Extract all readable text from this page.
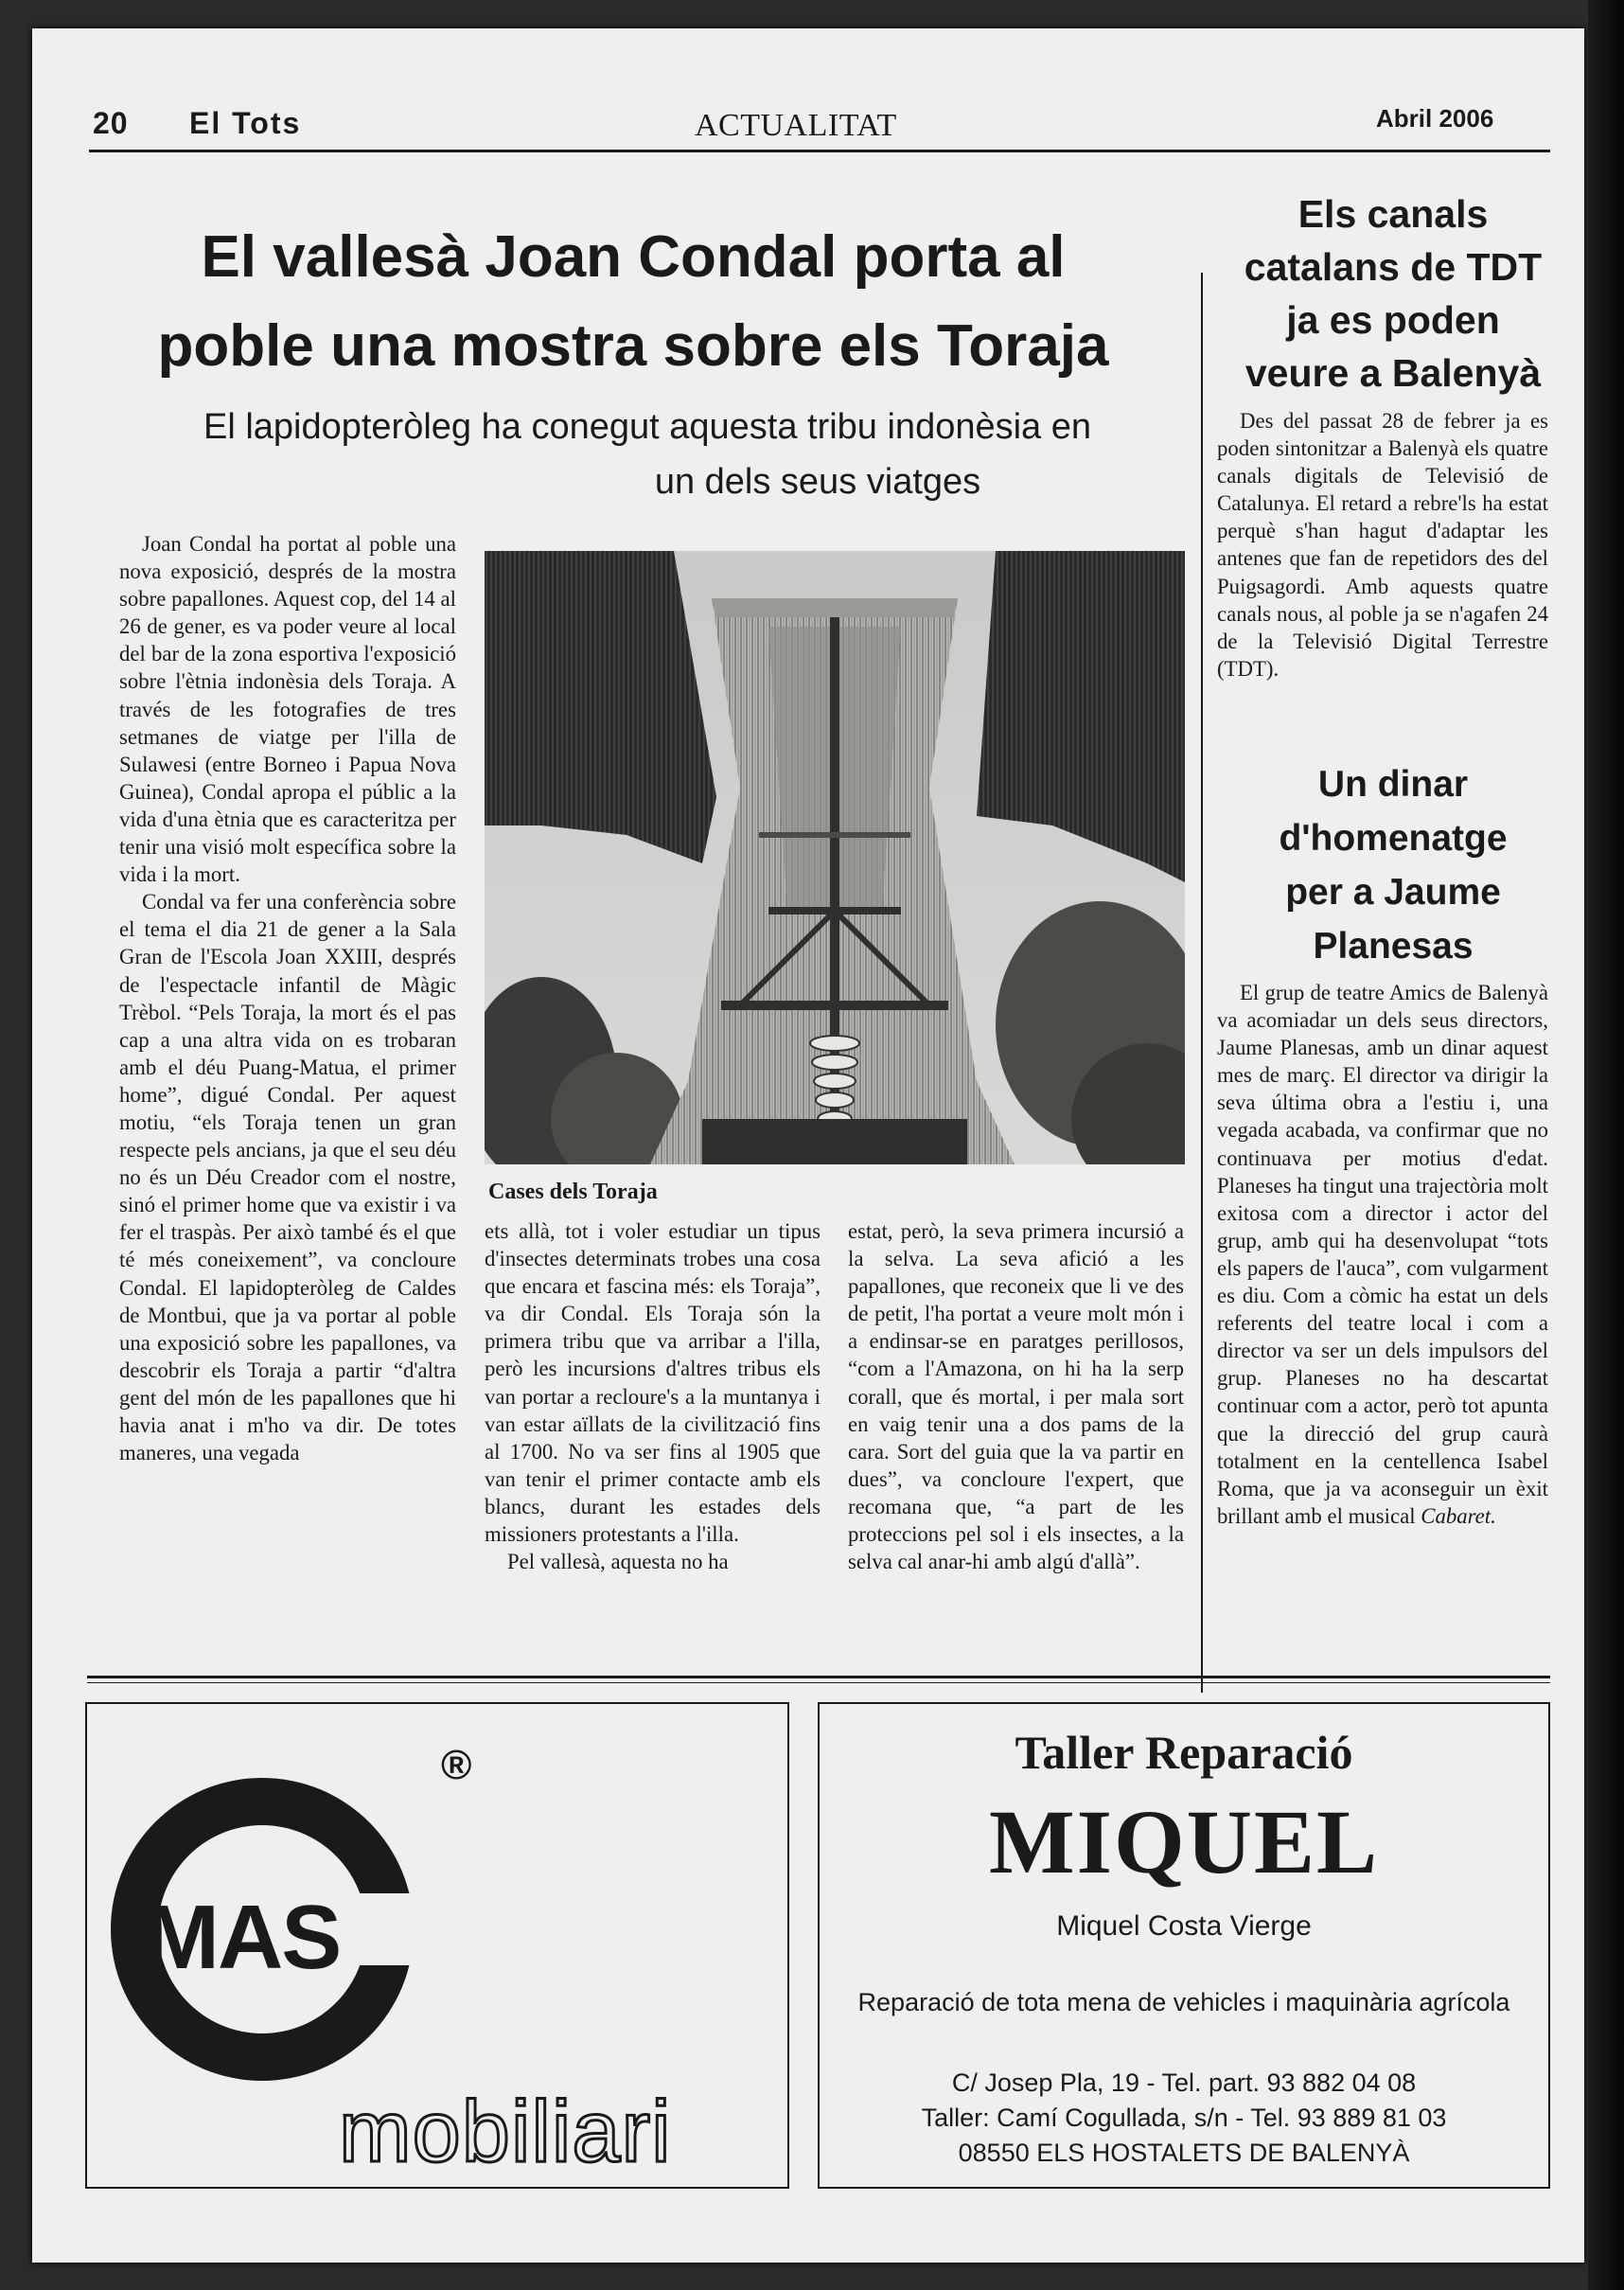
20 El Tots	ACTUALITAT	Abril 2006
El vallesà Joan Condal porta al
poble una mostra sobre els Toraja
El lapidopteròleg ha conegut aquesta tribu indonèsia en
un dels seus viatges

Joan Condal ha portat al poble una nova exposició, després de la mostra sobre papallones. Aquest cop, del 14 al 26 de gener, es va poder veure al local del bar de la zona esportiva l'exposició sobre l'ètnia indonèsia dels Toraja. A través de les fotografies de tres setmanes de viatge per l'illa de Sulawesi (entre Borneo i Papua Nova Guinea), Condal apropa el públic a la vida d'una ètnia que es caracteritza per tenir una visió molt específica sobre la vida i la mort.

Condal va fer una conferència sobre el tema el dia 21 de gener a la Sala Gran de l'Escola Joan XXIII, després de l'espectacle infantil de Màgic Trèbol. “Pels Toraja, la mort és el pas cap a una altra vida on es trobaran amb el déu Puang-Matua, el primer home”, digué Condal. Per aquest motiu, “els Toraja tenen un gran respecte pels ancians, ja que el seu déu no és un Déu Creador com el nostre, sinó el primer home que va existir i va fer el traspàs. Per això també és el que té més coneixement”, va concloure Condal. El lapidopteròleg de Caldes de Montbui, que ja va portar al poble una exposició sobre les papallones, va descobrir els Toraja a partir “d'altra gent del món de les papallones que hi havia anat i m'ho va dir. De totes maneres, una vegada

Cases dels Toraja

ets allà, tot i voler estudiar un tipus d'insectes determinats trobes una cosa que encara et fascina més: els Toraja”, va dir Condal. Els Toraja són la primera tribu que va arribar a l'illa, però les incursions d'altres tribus els van portar a recloure's a la muntanya i van estar aïllats de la civilització fins al 1700. No va ser fins al 1905 que van tenir el primer contacte amb els blancs, durant les estades dels missioners protestants a l'illa.

Pel vallesà, aquesta no ha

estat, però, la seva primera incursió a la selva. La seva afició a les papallones, que reconeix que li ve des de petit, l'ha portat a veure molt món i a endinsar-se en paratges perillosos, “com a l'Amazona, on hi ha la serp corall, que és mortal, i per mala sort en vaig tenir una a dos pams de la cara. Sort del guia que la va partir en dues”, va concloure l'expert, que recomana que, “a part de les proteccions pel sol i els insectes, a la selva cal anar-hi amb algú d'allà”.

Els canals
catalans de TDT
ja es poden
veure a Balenyà

Des del passat 28 de febrer ja es poden sintonitzar a Balenyà els quatre canals digitals de Televisió de Catalunya. El retard a rebre'ls ha estat perquè s'han hagut d'adaptar les antenes que fan de repetidors des del Puigsagordi. Amb aquests quatre canals nous, al poble ja se n'agafen 24 de la Televisió Digital Terrestre (TDT).

Un dinar
d'homenatge
per a Jaume
Planesas

El grup de teatre Amics de Balenyà va acomiadar un dels seus directors, Jaume Planesas, amb un dinar aquest mes de març. El director va dirigir la seva última obra a l'estiu i, una vegada acabada, va confirmar que no continuava per motius d'edat. Planeses ha tingut una trajectòria molt exitosa com a director i actor del grup, amb qui ha desenvolupat “tots els papers de l'auca”, com vulgarment es diu. Com a còmic ha estat un dels referents del teatre local i com a director va ser un dels impulsors del grup. Planeses no ha descartat continuar com a actor, però tot apunta que la direcció del grup caurà totalment en la centellenca Isabel Roma, que ja va aconseguir un èxit brillant amb el musical Cabaret.

MAS
®
mobiliari
Taller Reparació
MIQUEL
Miquel Costa Vierge
Reparació de tota mena de vehicles i maquinària agrícola
C/ Josep Pla, 19 - Tel. part. 93 882 04 08
Taller: Camí Cogullada, s/n - Tel. 93 889 81 03
08550 ELS HOSTALETS DE BALENYÀ
